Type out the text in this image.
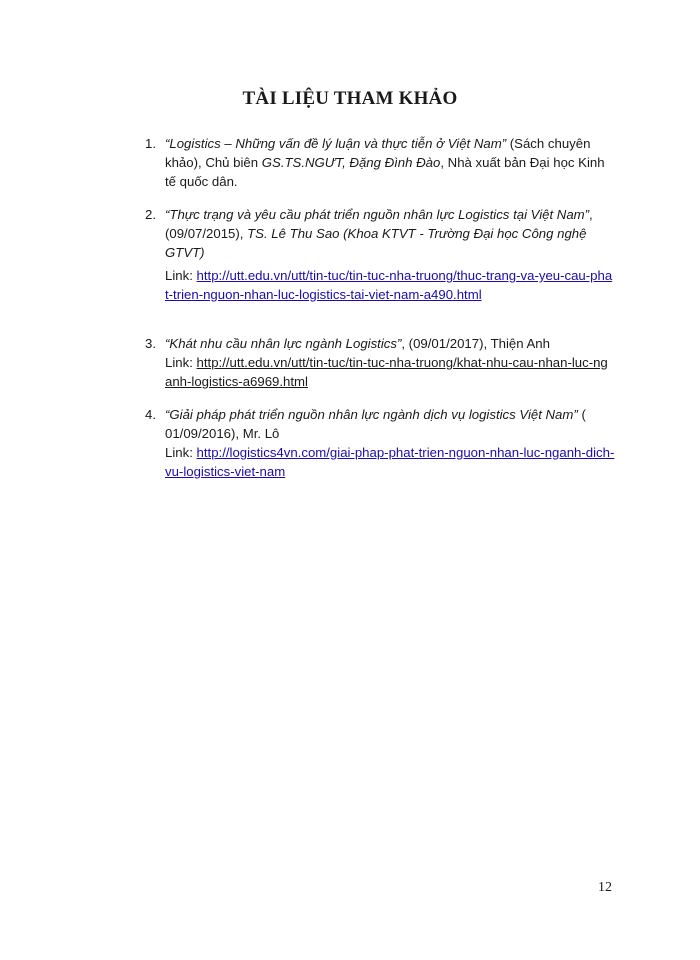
TÀI LIỆU THAM KHẢO
1. “Logistics – Những vấn đề lý luận và thực tiễn ở Việt Nam” (Sách chuyên khảo), Chủ biên GS.TS.NGƯT, Đặng Đình Đào, Nhà xuất bản Đại học Kinh tế quốc dân.
2. “Thực trạng và yêu cầu phát triển nguồn nhân lực Logistics tại Việt Nam”, (09/07/2015), TS. Lê Thu Sao (Khoa KTVT - Trường Đại học Công nghệ GTVT)
Link: http://utt.edu.vn/utt/tin-tuc/tin-tuc-nha-truong/thuc-trang-va-yeu-cau-phat-trien-nguon-nhan-luc-logistics-tai-viet-nam-a490.html
3. “Khát nhu cầu nhân lực ngành Logistics”, (09/01/2017), Thiện Anh
Link: http://utt.edu.vn/utt/tin-tuc/tin-tuc-nha-truong/khat-nhu-cau-nhan-luc-nganh-logistics-a6969.html
4. “Giải pháp phát triển nguồn nhân lực ngành dịch vụ logistics Việt Nam” ( 01/09/2016), Mr. Lô
Link: http://logistics4vn.com/giai-phap-phat-trien-nguon-nhan-luc-nganh-dich-vu-logistics-viet-nam
12
